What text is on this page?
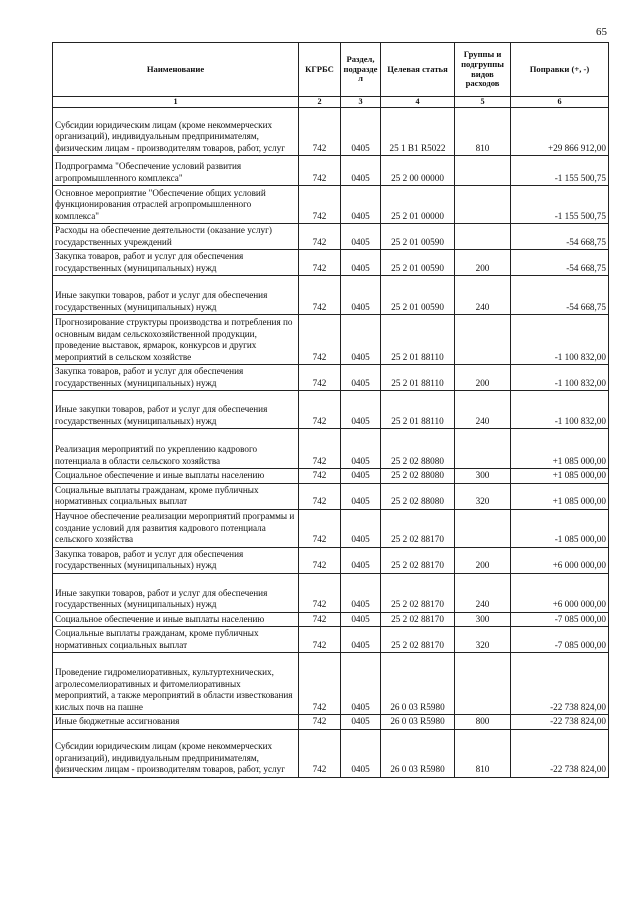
65
Наименование	КГРБС	Раздел, подразде л	Целевая статья	Группы и подгруппы видов расходов	Поправки (+, -)
1	2	3	4	5	6
Субсидии юридическим лицам (кроме некоммерческих организаций), индивидуальным предпринимателям, физическим лицам - производителям товаров, работ, услуг	742	0405	25 1 B1 R5022	810	+29 866 912,00
Подпрограмма "Обеспечение условий развития агропромышленного комплекса"	742	0405	25 2 00 00000		-1 155 500,75
Основное мероприятие "Обеспечение общих условий функционирования отраслей агропромышленного комплекса"	742	0405	25 2 01 00000		-1 155 500,75
Расходы на обеспечение деятельности (оказание услуг) государственных учреждений	742	0405	25 2 01 00590		-54 668,75
Закупка товаров, работ и услуг для обеспечения государственных (муниципальных) нужд	742	0405	25 2 01 00590	200	-54 668,75
Иные закупки товаров, работ и услуг для обеспечения государственных (муниципальных) нужд	742	0405	25 2 01 00590	240	-54 668,75
Прогнозирование структуры производства и потребления по основным видам сельскохозяйственной продукции, проведение выставок, ярмарок, конкурсов и других мероприятий в сельском хозяйстве	742	0405	25 2 01 88110		-1 100 832,00
Закупка товаров, работ и услуг для обеспечения государственных (муниципальных) нужд	742	0405	25 2 01 88110	200	-1 100 832,00
Иные закупки товаров, работ и услуг для обеспечения государственных (муниципальных) нужд	742	0405	25 2 01 88110	240	-1 100 832,00
Реализация мероприятий по укреплению кадрового потенциала в области сельского хозяйства	742	0405	25 2 02 88080		+1 085 000,00
Социальное обеспечение и иные выплаты населению	742	0405	25 2 02 88080	300	+1 085 000,00
Социальные выплаты гражданам, кроме публичных нормативных социальных выплат	742	0405	25 2 02 88080	320	+1 085 000,00
Научное обеспечение реализации мероприятий программы и создание условий для развития кадрового потенциала сельского хозяйства	742	0405	25 2 02 88170		-1 085 000,00
Закупка товаров, работ и услуг для обеспечения государственных (муниципальных) нужд	742	0405	25 2 02 88170	200	+6 000 000,00
Иные закупки товаров, работ и услуг для обеспечения государственных (муниципальных) нужд	742	0405	25 2 02 88170	240	+6 000 000,00
Социальное обеспечение и иные выплаты населению	742	0405	25 2 02 88170	300	-7 085 000,00
Социальные выплаты гражданам, кроме публичных нормативных социальных выплат	742	0405	25 2 02 88170	320	-7 085 000,00
Проведение гидромелиоративных, культуртехнических, агролесомелиоративных и фитомелиоративных мероприятий, а также мероприятий в области известкования кислых почв на пашне	742	0405	26 0 03 R5980		-22 738 824,00
Иные бюджетные ассигнования	742	0405	26 0 03 R5980	800	-22 738 824,00
Субсидии юридическим лицам (кроме некоммерческих организаций), индивидуальным предпринимателям, физическим лицам - производителям товаров, работ, услуг	742	0405	26 0 03 R5980	810	-22 738 824,00
